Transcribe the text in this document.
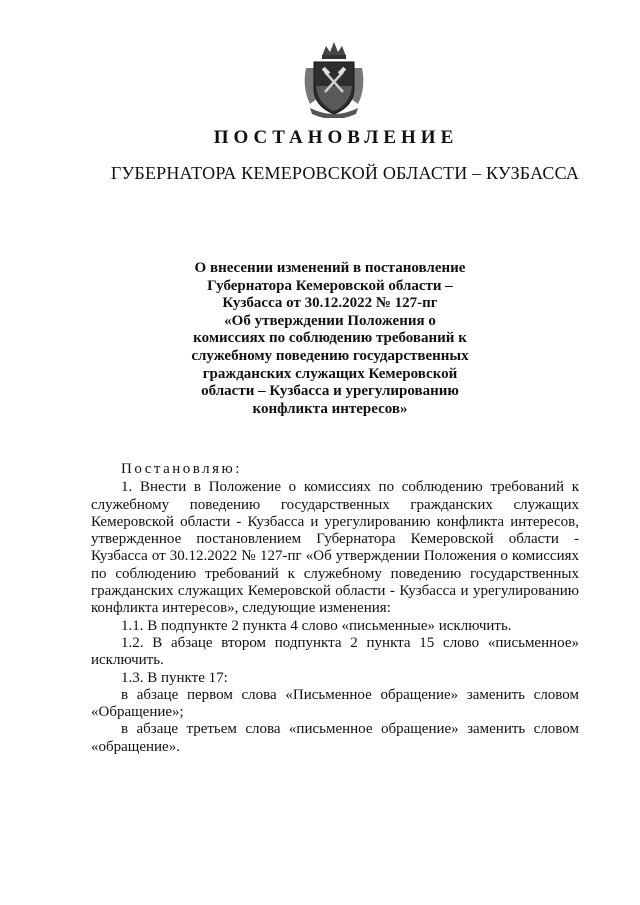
ПОСТАНОВЛЕНИЕ
ГУБЕРНАТОРА КЕМЕРОВСКОЙ ОБЛАСТИ – КУЗБАССА
О внесении изменений в постановление
Губернатора Кемеровской области –
Кузбасса от 30.12.2022 № 127-пг
«Об утверждении Положения о
комиссиях по соблюдению требований к
служебному поведению государственных
гражданских служащих Кемеровской
области – Кузбасса и урегулированию
конфликта интересов»
Постановляю:

1. Внести в Положение о комиссиях по соблюдению требований к служебному поведению государственных гражданских служащих Кемеровской области - Кузбасса и урегулированию конфликта интересов, утвержденное постановлением Губернатора Кемеровской области - Кузбасса от 30.12.2022 № 127-пг «Об утверждении Положения о комиссиях по соблюдению требований к служебному поведению государственных гражданских служащих Кемеровской области - Кузбасса и урегулированию конфликта интересов», следующие изменения:

1.1. В подпункте 2 пункта 4 слово «письменные» исключить.

1.2. В абзаце втором подпункта 2 пункта 15 слово «письменное» исключить.

1.3. В пункте 17:

в абзаце первом слова «Письменное обращение» заменить словом «Обращение»;

в абзаце третьем слова «письменное обращение» заменить словом «обращение».
